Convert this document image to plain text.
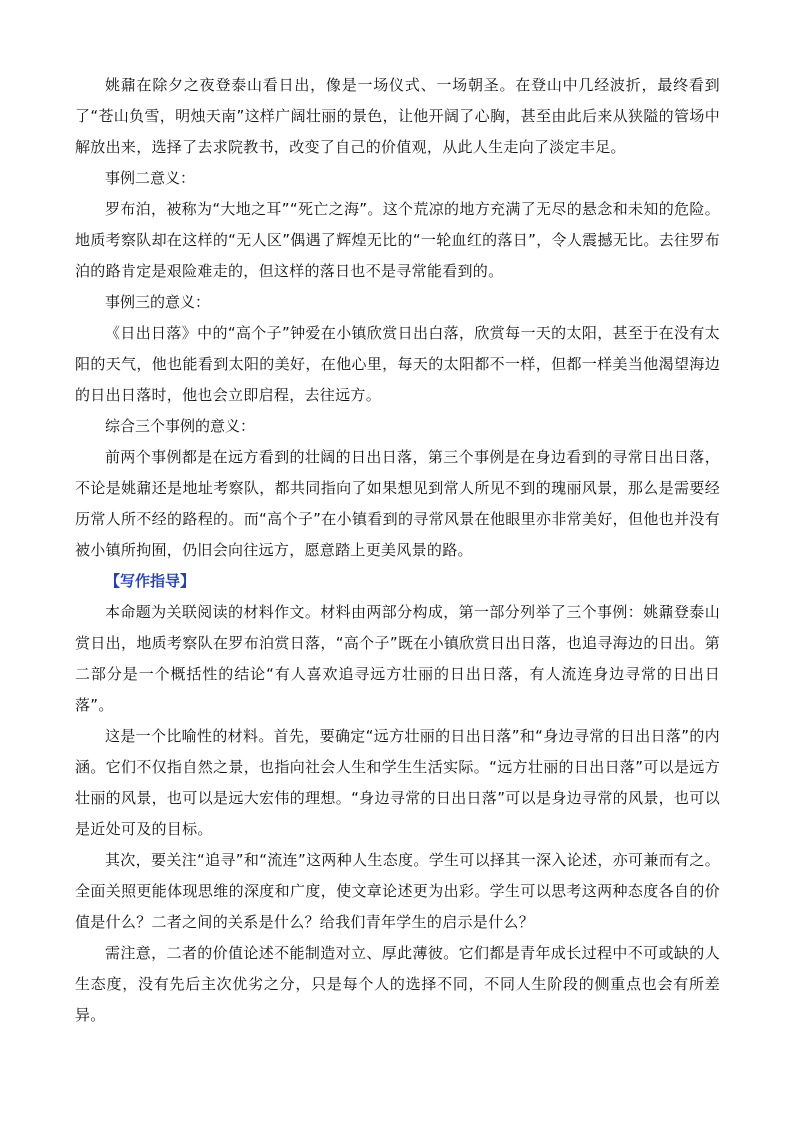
姚鼐在除夕之夜登泰山看日出，像是一场仪式、一场朝圣。在登山中几经波折，最终看到了“苍山负雪，明烛天南”这样广阔壮丽的景色，让他开阔了心胸，甚至由此后来从狭隘的管场中解放出来，选择了去求院教书，改变了自己的价值观，从此人生走向了淡定丰足。

事例二意义：

罗布泊，被称为“大地之耳”“死亡之海”。这个荒凉的地方充满了无尽的悬念和未知的危险。地质考察队却在这样的“无人区”偶遇了辉煌无比的“一轮血红的落日”，令人震撼无比。去往罗布泊的路肯定是艰险难走的，但这样的落日也不是寻常能看到的。

事例三的意义：

《日出日落》中的“高个子”钟爱在小镇欣赏日出白落，欣赏每一天的太阳，甚至于在没有太阳的天气，他也能看到太阳的美好，在他心里，每天的太阳都不一样，但都一样美当他渴望海边的日出日落时，他也会立即启程，去往远方。

综合三个事例的意义：

前两个事例都是在远方看到的壮阔的日出日落，第三个事例是在身边看到的寻常日出日落，不论是姚鼐还是地址考察队，都共同指向了如果想见到常人所见不到的瑰丽风景，那么是需要经历常人所不经的路程的。而“高个子”在小镇看到的寻常风景在他眼里亦非常美好，但他也并没有被小镇所拘囿，仍旧会向往远方，愿意踏上更美风景的路。

【写作指导】

本命题为关联阅读的材料作文。材料由两部分构成，第一部分列举了三个事例：姚鼐登泰山赏日出，地质考察队在罗布泊赏日落，“高个子”既在小镇欣赏日出日落，也追寻海边的日出。第二部分是一个概括性的结论“有人喜欢追寻远方壮丽的日出日落，有人流连身边寻常的日出日落”。

这是一个比喻性的材料。首先，要确定“远方壮丽的日出日落”和“身边寻常的日出日落”的内涵。它们不仅指自然之景，也指向社会人生和学生生活实际。“远方壮丽的日出日落”可以是远方壮丽的风景，也可以是远大宏伟的理想。“身边寻常的日出日落”可以是身边寻常的风景，也可以是近处可及的目标。

其次，要关注“追寻”和“流连”这两种人生态度。学生可以择其一深入论述，亦可兼而有之。全面关照更能体现思维的深度和广度，使文章论述更为出彩。学生可以思考这两种态度各自的价值是什么？二者之间的关系是什么？给我们青年学生的启示是什么？

需注意，二者的价值论述不能制造对立、厚此薄彼。它们都是青年成长过程中不可或缺的人生态度，没有先后主次优劣之分，只是每个人的选择不同，不同人生阶段的侧重点也会有所差异。
